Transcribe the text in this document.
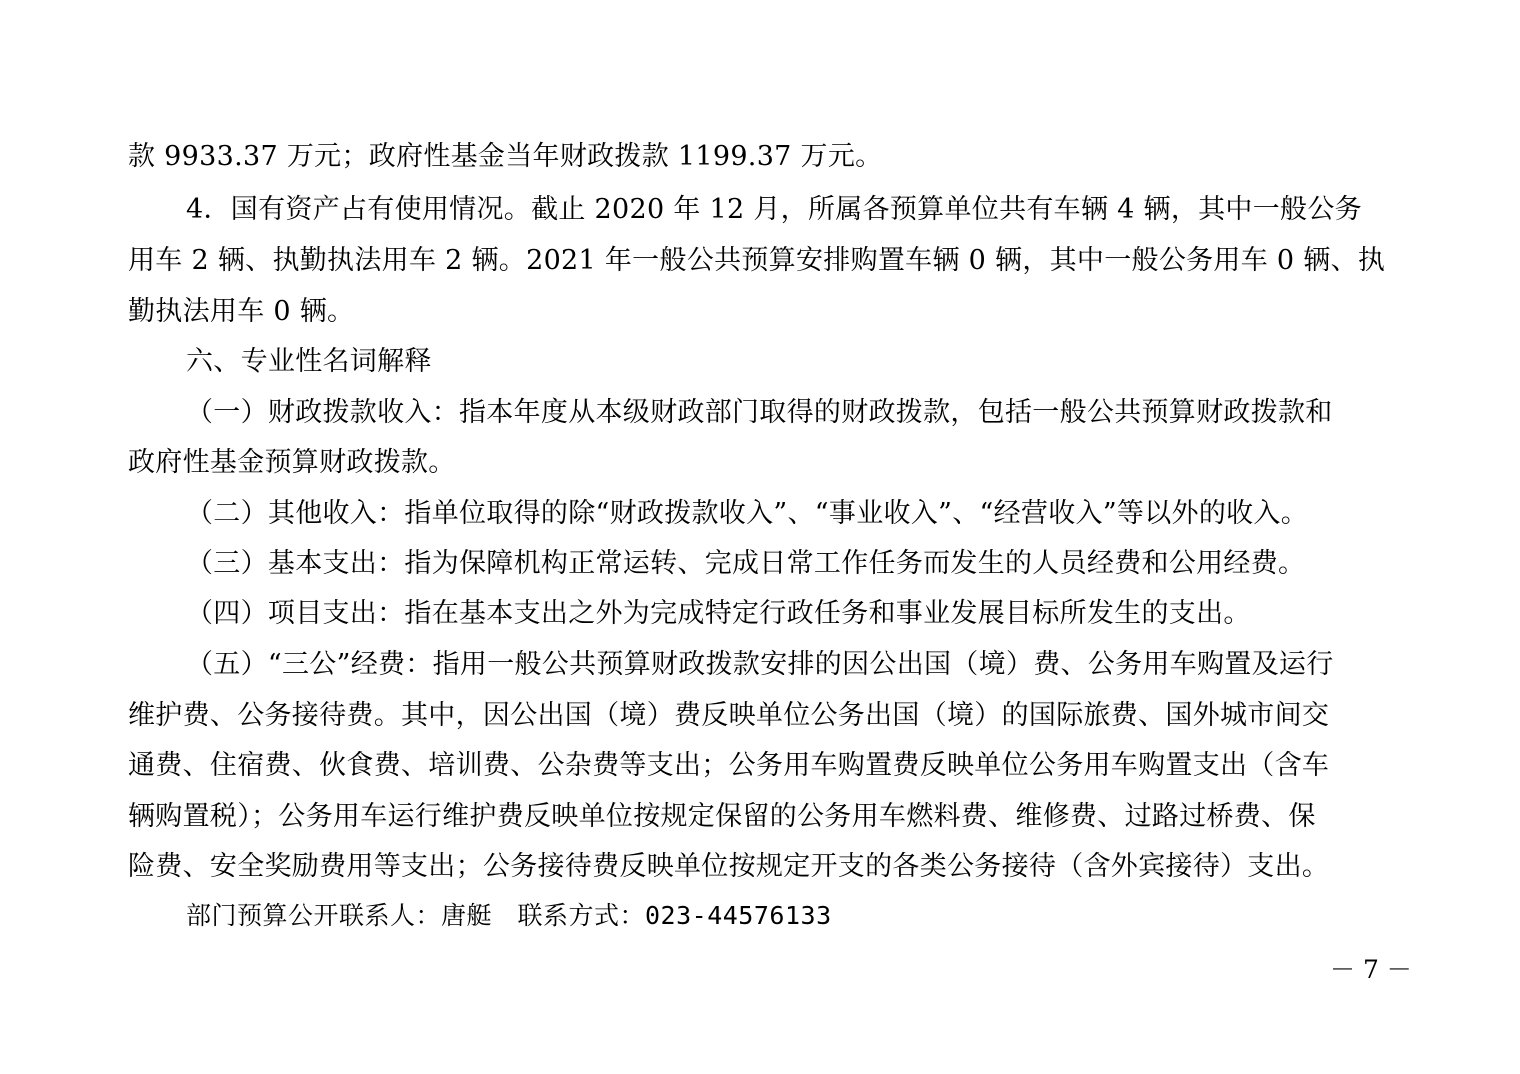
款 9933.37 万元；政府性基金当年财政拨款 1199.37 万元。
4．国有资产占有使用情况。截止 2020 年 12 月，所属各预算单位共有车辆 4 辆，其中一般公务
用车 2 辆、执勤执法用车 2 辆。2021 年一般公共预算安排购置车辆 0 辆，其中一般公务用车 0 辆、执
勤执法用车 0 辆。
六、专业性名词解释
（一）财政拨款收入：指本年度从本级财政部门取得的财政拨款，包括一般公共预算财政拨款和
政府性基金预算财政拨款。
（二）其他收入：指单位取得的除“财政拨款收入”、“事业收入”、“经营收入”等以外的收入。
（三）基本支出：指为保障机构正常运转、完成日常工作任务而发生的人员经费和公用经费。
（四）项目支出：指在基本支出之外为完成特定行政任务和事业发展目标所发生的支出。
（五）“三公”经费：指用一般公共预算财政拨款安排的因公出国（境）费、公务用车购置及运行
维护费、公务接待费。其中，因公出国（境）费反映单位公务出国（境）的国际旅费、国外城市间交
通费、住宿费、伙食费、培训费、公杂费等支出；公务用车购置费反映单位公务用车购置支出（含车
辆购置税）；公务用车运行维护费反映单位按规定保留的公务用车燃料费、维修费、过路过桥费、保
险费、安全奖励费用等支出；公务接待费反映单位按规定开支的各类公务接待（含外宾接待）支出。
部门预算公开联系人：唐艇　联系方式：023-44576133
－ 7 －
